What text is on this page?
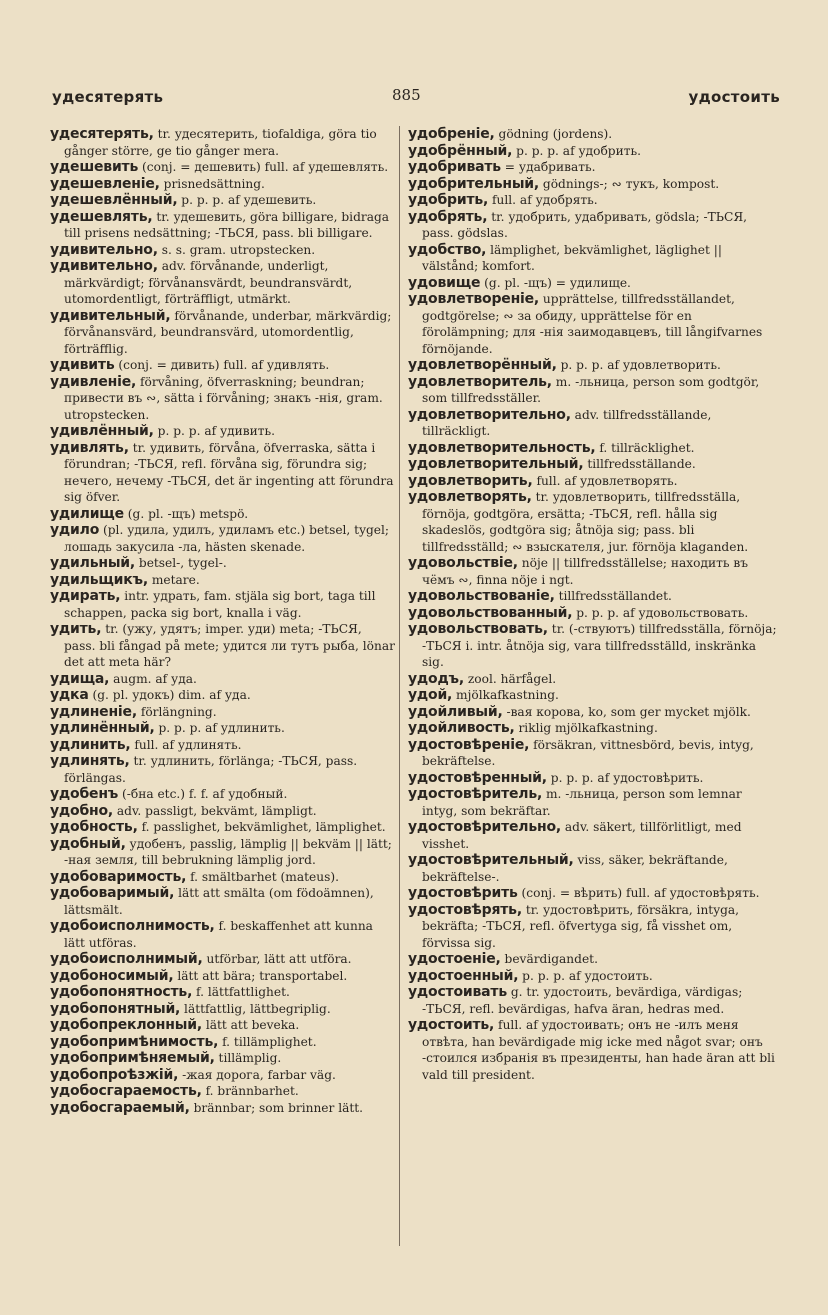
удесятерять	885	удостоить

удесятерять, tr. удесятерить, tiofaldiga, göra tio gånger större, ge tio gånger mera.

удешевить (conj. = дешевить) full. af удешевлять.

удешевленіе, prisnedsättning.

удешевлённый, p. p. p. af удешевить.

удешевлять, tr. удешевить, göra billigare, bidraga till prisens nedsättning; -ТЬСЯ, pass. bli billigare.

удивительно, s. s. gram. utropstecken.

удивительно, adv. förvånande, underligt, märkvärdigt; förvånansvärdt, beundransvärdt, utomordentligt, förträffligt, utmärkt.

удивительный, förvånande, underbar, märkvärdig; förvånansvärd, beundransvärd, utomordentlig, förträfflig.

удивить (conj. = дивить) full. af удивлять.

удивленіе, förvåning, öfverraskning; beundran; привести въ ∾, sätta i förvåning; знакъ -нія, gram. utropstecken.

удивлённый, p. p. p. af удивить.

удивлять, tr. удивить, förvåna, öfverraska, sätta i förundran; -ТЬСЯ, refl. förvåna sig, förundra sig; нечего, нечему -ТЬСЯ, det är ingenting att förundra sig öfver.

удилище (g. pl. -щъ) metspö.

удило (pl. удила, удилъ, удиламъ etc.) betsel, tygel; лошадь закусила -ла, hästen skenade.

удильный, betsel-, tygel-.

удильщикъ, metare.

удирать, intr. удрать, fam. stjäla sig bort, taga till schappen, packa sig bort, knalla i väg.

удить, tr. (ужу, удятъ; imper. уди) meta; -ТЬСЯ, pass. bli fångad på mete; удится ли тутъ рыба, lönar det att meta här?

удища, augm. af уда.

удка (g. pl. удокъ) dim. af уда.

удлиненіе, förlängning.

удлинённый, p. p. p. af удлинить.

удлинить, full. af удлинять.

удлинять, tr. удлинить, förlänga; -ТЬСЯ, pass. förlängas.

удобенъ (-бна etc.) f. f. af удобный.

удобно, adv. passligt, bekvämt, lämpligt.

удобность, f. passlighet, bekvämlighet, lämplighet.

удобный, удобенъ, passlig, lämplig || bekväm || lätt; -ная земля, till bebrukning lämplig jord.

удобоваримость, f. smältbarhet (mateus).

удобоваримый, lätt att smälta (om födoämnen), lättsmält.

удобоисполнимость, f. beskaffenhet att kunna lätt utföras.

удобоисполнимый, utförbar, lätt att utföra.

удобоносимый, lätt att bära; transportabel.

удобопонятность, f. lättfattlighet.

удобопонятный, lättfattlig, lättbegriplig.

удобопреклонный, lätt att beveka.

удобопримѣнимость, f. tillämplighet.

удобопримѣняемый, tillämplig.

удобопроѣзжій, -жая дорога, farbar väg.

удобосгараемость, f. brännbarhet.

удобосгараемый, brännbar; som brinner lätt.

удобреніе, gödning (jordens).

удобрённый, p. p. p. af удобрить.

удобривать = удабривать.

удобрительный, gödnings-; ∾ тукъ, kompost.

удобрить, full. af удобрять.

удобрять, tr. удобрить, удабривать, gödsla; -ТЬСЯ, pass. gödslas.

удобство, lämplighet, bekvämlighet, läglighet || välstånd; komfort.

удовище (g. pl. -щъ) = удилище.

удовлетвореніе, upprättelse, tillfredsställandet, godtgörelse; ∾ за обиду, upprättelse för en förolämpning; для -нія заимодавцевъ, till långifvarnes förnöjande.

удовлетворённый, p. p. p. af удовлетворить.

удовлетворитель, m. -льница, person som godtgör, som tillfredsställer.

удовлетворительно, adv. tillfredsställande, tillräckligt.

удовлетворительность, f. tillräcklighet.

удовлетворительный, tillfredsställande.

удовлетворить, full. af удовлетворять.

удовлетворять, tr. удовлетворить, tillfredsställa, förnöja, godtgöra, ersätta; -ТЬСЯ, refl. hålla sig skadeslös, godtgöra sig; åtnöja sig; pass. bli tillfredsställd; ∾ взыскателя, jur. förnöja klaganden.

удовольствіе, nöje || tillfredsställelse; находить въ чёмъ ∾, finna nöje i ngt.

удовольствованіе, tillfredsställandet.

удовольствованный, p. p. p. af удовольствовать.

удовольствовать, tr. (-ствуютъ) tillfredsställa, förnöja; -ТЬСЯ i. intr. åtnöja sig, vara tillfredsställd, inskränka sig.

удодъ, zool. härfågel.

удой, mjölkafkastning.

удойливый, -вая корова, ko, som ger mycket mjölk.

удойливость, riklig mjölkafkastning.

удостовѣреніе, försäkran, vittnesbörd, bevis, intyg, bekräftelse.

удостовѣренный, p. p. p. af удостовѣрить.

удостовѣритель, m. -льница, person som lemnar intyg, som bekräftar.

удостовѣрительно, adv. säkert, tillförlitligt, med visshet.

удостовѣрительный, viss, säker, bekräftande, bekräftelse-.

удостовѣрить (conj. = вѣрить) full. af удостовѣрять.

удостовѣрять, tr. удостовѣрить, försäkra, intyga, bekräfta; -ТЬСЯ, refl. öfvertyga sig, få visshet om, förvissa sig.

удостоеніе, bevärdigandet.

удостоенный, p. p. p. af удостоить.

удостоивать g. tr. удостоить, bevärdiga, värdigas; -ТЬСЯ, refl. bevärdigas, hafva äran, hedras med.

удостоить, full. af удостоивать; онъ не -илъ меня отвѣта, han bevärdigade mig icke med något svar; онъ -стоился избранія въ президенты, han hade äran att bli vald till president.
